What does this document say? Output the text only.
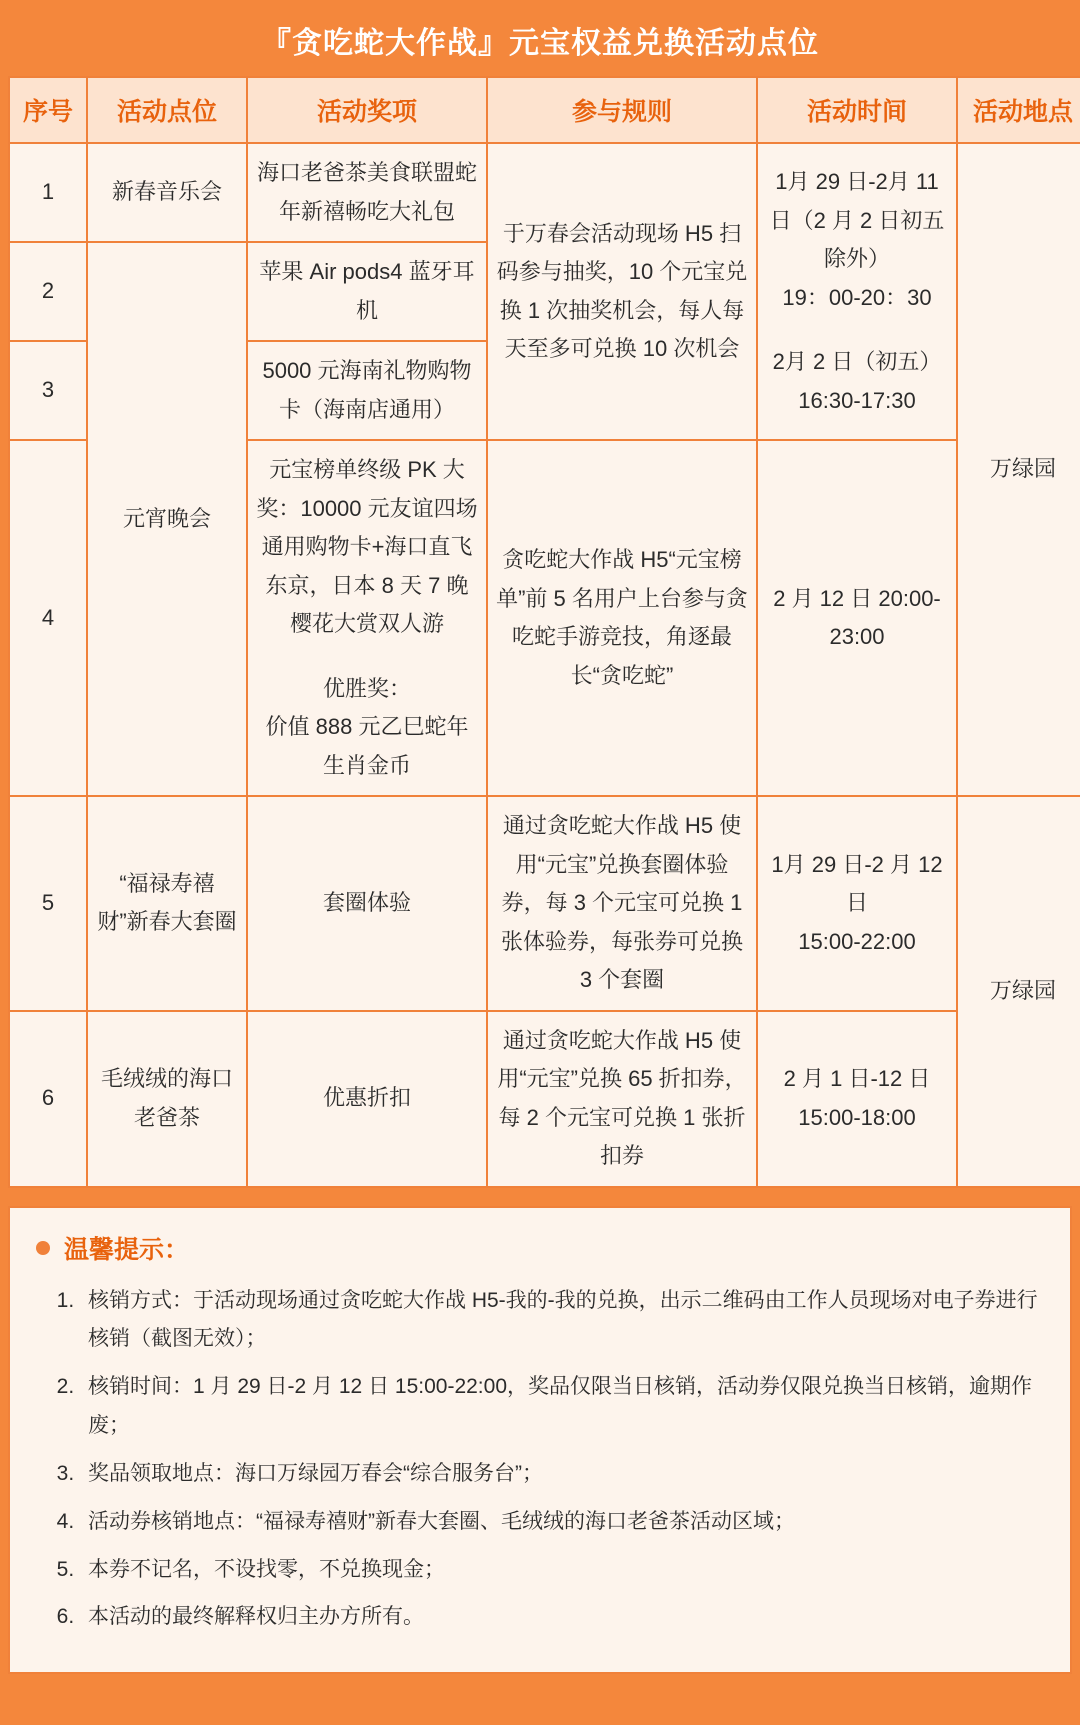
『贪吃蛇大作战』元宝权益兑换活动点位
序号	活动点位	活动奖项	参与规则	活动时间	活动地点
1	新春音乐会	海口老爸茶美食联盟蛇年新禧畅吃大礼包	于万春会活动现场 H5 扫码参与抽奖，10 个元宝兑换 1 次抽奖机会，每人每天至多可兑换 10 次机会	1月 29 日-2月 11 日（2 月 2 日初五除外）
19：00-20：30
2月 2 日（初五）16:30-17:30	万绿园
2	元宵晚会	苹果 Air pods4 蓝牙耳机			
3		5000 元海南礼物购物卡（海南店通用）			
4		元宝榜单终级 PK 大奖：10000 元友谊四场通用购物卡+海口直飞东京，日本 8 天 7 晚樱花大赏双人游
优胜奖：
价值 888 元乙巳蛇年生肖金币	贪吃蛇大作战 H5“元宝榜单”前 5 名用户上台参与贪吃蛇手游竞技，角逐最长“贪吃蛇”	2 月 12 日 20:00-23:00	
5	“福禄寿禧财”新春大套圈	套圈体验	通过贪吃蛇大作战 H5 使用“元宝”兑换套圈体验券，每 3 个元宝可兑换 1 张体验券，每张券可兑换 3 个套圈	1月 29 日-2 月 12 日
15:00-22:00	万绿园
6	毛绒绒的海口老爸茶	优惠折扣	通过贪吃蛇大作战 H5 使用“元宝”兑换 65 折扣券，每 2 个元宝可兑换 1 张折扣券	2 月 1 日-12 日
15:00-18:00	
温馨提示：
1. 核销方式：于活动现场通过贪吃蛇大作战 H5-我的-我的兑换，出示二维码由工作人员现场对电子券进行核销（截图无效）；
2. 核销时间：1 月 29 日-2 月 12 日 15:00-22:00，奖品仅限当日核销，活动券仅限兑换当日核销，逾期作废；
3. 奖品领取地点：海口万绿园万春会“综合服务台”；
4. 活动券核销地点：“福禄寿禧财”新春大套圈、毛绒绒的海口老爸茶活动区域；
5. 本券不记名，不设找零，不兑换现金；
6. 本活动的最终解释权归主办方所有。
